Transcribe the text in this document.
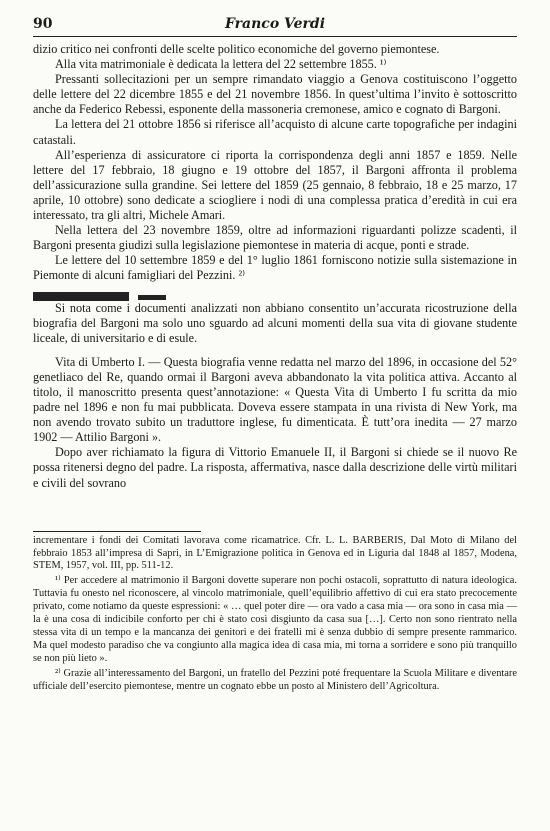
90	Franco Verdi

dizio critico nei confronti delle scelte politico economiche del governo piemontese.

Alla vita matrimoniale è dedicata la lettera del 22 settembre 1855. ¹⁾

Pressanti sollecitazioni per un sempre rimandato viaggio a Genova costituiscono l’oggetto delle lettere del 22 dicembre 1855 e del 21 novembre 1856. In quest’ultima l’invito è sottoscritto anche da Federico Rebessi, esponente della massoneria cremonese, amico e cognato di Bargoni.

La lettera del 21 ottobre 1856 si riferisce all’acquisto di alcune carte topografiche per indagini catastali.

All’esperienza di assicuratore ci riporta la corrispondenza degli anni 1857 e 1859. Nelle lettere del 17 febbraio, 18 giugno e 19 ottobre del 1857, il Bargoni affronta il problema dell’assicurazione sulla grandine. Sei lettere del 1859 (25 gennaio, 8 febbraio, 18 e 25 marzo, 17 aprile, 10 ottobre) sono dedicate a sciogliere i nodi di una complessa pratica d’eredità in cui era interessato, tra gli altri, Michele Amari.

Nella lettera del 23 novembre 1859, oltre ad informazioni riguardanti polizze scadenti, il Bargoni presenta giudizi sulla legislazione piemontese in materia di acque, ponti e strade.

Le lettere del 10 settembre 1859 e del 1° luglio 1861 forniscono notizie sulla sistemazione in Piemonte di alcuni famigliari del Pezzini. ²⁾

Si nota come i documenti analizzati non abbiano consentito un’accurata ricostruzione della biografia del Bargoni ma solo uno sguardo ad alcuni momenti della sua vita di giovane studente liceale, di universitario e di esule.

Vita di Umberto I. — Questa biografia venne redatta nel marzo del 1896, in occasione del 52° genetliaco del Re, quando ormai il Bargoni aveva abbandonato la vita politica attiva. Accanto al titolo, il manoscritto presenta quest’annotazione: « Questa Vita di Umberto I fu scritta da mio padre nel 1896 e non fu mai pubblicata. Doveva essere stampata in una rivista di New York, ma non avendo trovato subito un traduttore inglese, fu dimenticata. È tutt’ora inedita — 27 marzo 1902 — Attilio Bargoni ».

Dopo aver richiamato la figura di Vittorio Emanuele II, il Bargoni si chiede se il nuovo Re possa ritenersi degno del padre. La risposta, affermativa, nasce dalla descrizione delle virtù militari e civili del sovrano

incrementare i fondi dei Comitati lavorava come ricamatrice. Cfr. L. L. BARBERIS, Dal Moto di Milano del febbraio 1853 all’impresa di Sapri, in L’Emigrazione politica in Genova ed in Liguria dal 1848 al 1857, Modena, STEM, 1957, vol. III, pp. 511-12.

¹⁾ Per accedere al matrimonio il Bargoni dovette superare non pochi ostacoli, soprattutto di natura ideologica. Tuttavia fu onesto nel riconoscere, al vincolo matrimoniale, quell’equilibrio affettivo di cui era stato precocemente privato, come notiamo da queste espressioni: « … quel poter dire — ora vado a casa mia — ora sono in casa mia — la è una cosa di indicibile conforto per chi è stato così disgiunto da casa sua […]. Certo non sono rientrato nella stessa vita di un tempo e la mancanza dei genitori e dei fratelli mi è senza dubbio di sempre presente rammarico. Ma quel modesto paradiso che va congiunto alla magica idea di casa mia, mi torna a sorridere e sono più tranquillo se non più lieto ».

²⁾ Grazie all’interessamento del Bargoni, un fratello del Pezzini poté frequentare la Scuola Militare e diventare ufficiale dell’esercito piemontese, mentre un cognato ebbe un posto al Ministero dell’Agricoltura.
